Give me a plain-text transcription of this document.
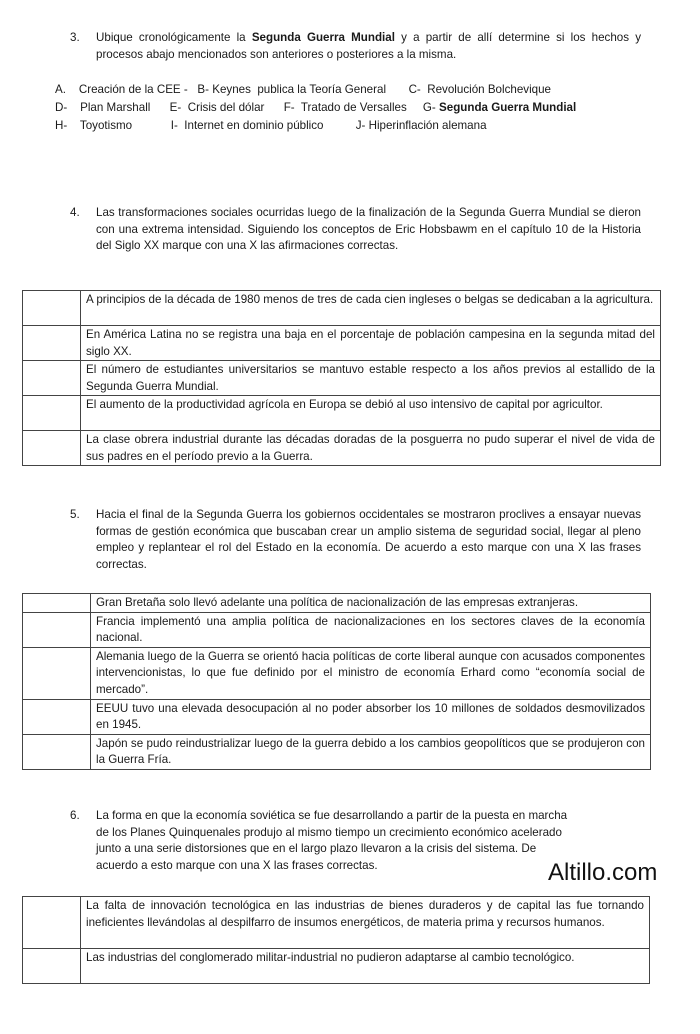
3. Ubique cronológicamente la Segunda Guerra Mundial y a partir de allí determine si los hechos y procesos abajo mencionados son anteriores o posteriores a la misma.
A.    Creación de la CEE -   B- Keynes  publica la Teoría General       C-  Revolución Bolchevique
D-    Plan Marshall      E-  Crisis del dólar      F-  Tratado de Versalles     G- Segunda Guerra Mundial
H-    Toyotismo            I-  Internet en dominio público          J- Hiperinflación alemana
4. Las transformaciones sociales ocurridas luego de la finalización de la Segunda Guerra Mundial se dieron con una extrema intensidad. Siguiendo los conceptos de Eric Hobsbawm en el capítulo 10 de la Historia del Siglo XX marque con una X las afirmaciones correctas.
	A principios de la década de 1980 menos de tres de cada cien ingleses o belgas se dedicaban a la agricultura.
	En América Latina no se registra una baja en el porcentaje de población campesina en la segunda mitad del siglo XX.
	El número de estudiantes universitarios se mantuvo estable respecto a los años previos al estallido de la Segunda Guerra Mundial.
	El aumento de la productividad agrícola en Europa se debió al uso intensivo de capital por agricultor.
	La clase obrera industrial durante las décadas doradas de la posguerra no pudo superar el nivel de vida de sus padres en el período previo a la Guerra.
5. Hacia el final de la Segunda Guerra los gobiernos occidentales se mostraron proclives a ensayar nuevas formas de gestión económica que buscaban crear un amplio sistema de seguridad social, llegar al pleno empleo y replantear el rol del Estado en la economía. De acuerdo a esto marque con una X las frases correctas.
	Gran Bretaña solo llevó adelante una política de nacionalización de las empresas extranjeras.
	Francia implementó una amplia política de nacionalizaciones en los sectores claves de la economía nacional.
	Alemania luego de la Guerra se orientó hacia políticas de corte liberal aunque con acusados componentes intervencionistas, lo que fue definido por el ministro de economía Erhard como “economía social de mercado”.
	EEUU tuvo una elevada desocupación al no poder absorber los 10 millones de soldados desmovilizados en 1945.
	Japón se pudo reindustrializar luego de la guerra debido a los cambios geopolíticos que se produjeron con la Guerra Fría.
6. La forma en que la economía soviética se fue desarrollando a partir de la puesta en marcha
de los Planes Quinquenales produjo al mismo tiempo un crecimiento económico acelerado
junto a una serie distorsiones que en el largo plazo llevaron a la crisis del sistema. De
acuerdo a esto marque con una X las frases correctas.	Altillo.com
	La falta de innovación tecnológica en las industrias de bienes duraderos y de capital las fue tornando ineficientes llevándolas al despilfarro de insumos energéticos, de materia prima y recursos humanos.
	Las industrias del conglomerado militar-industrial no pudieron adaptarse al cambio tecnológico.
